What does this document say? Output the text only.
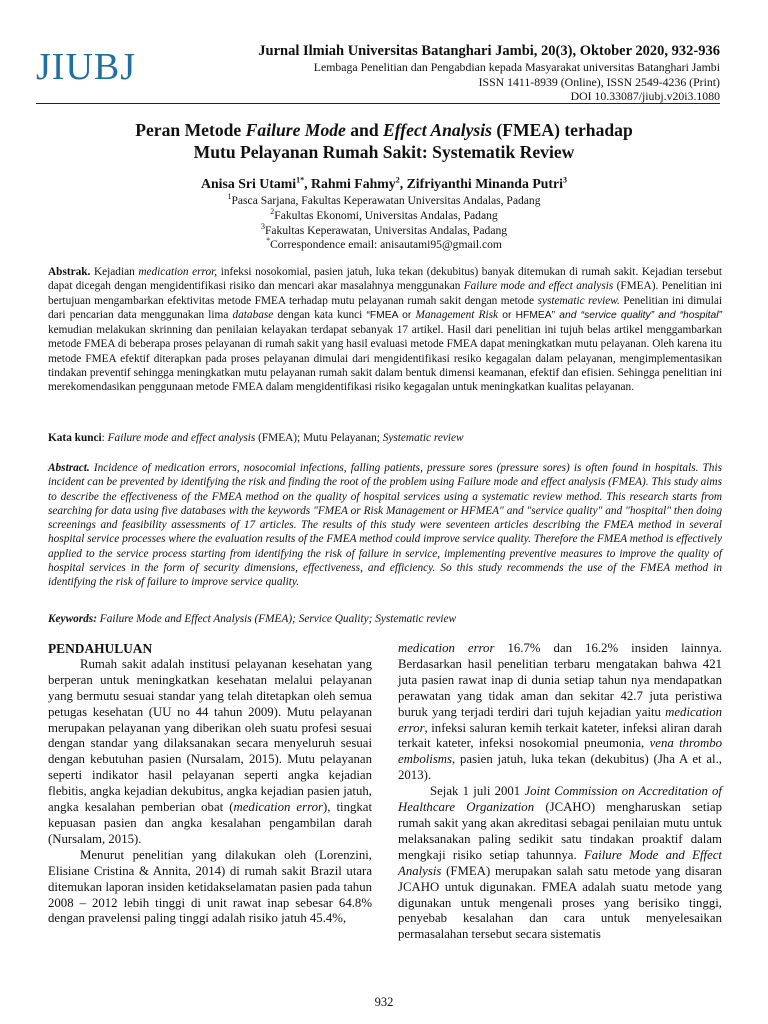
JIUBJ	Jurnal Ilmiah Universitas Batanghari Jambi, 20(3), Oktober 2020, 932-936
Lembaga Penelitian dan Pengabdian kepada Masyarakat universitas Batanghari Jambi
ISSN 1411-8939 (Online), ISSN 2549-4236 (Print)
DOI 10.33087/jiubj.v20i3.1080
Peran Metode Failure Mode and Effect Analysis (FMEA) terhadap
Mutu Pelayanan Rumah Sakit: Systematik Review
Anisa Sri Utami$^{1*}$, Rahmi Fahmy$^2$, Zifriyanthi Minanda Putri$^3$
$^1$Pasca Sarjana, Fakultas Keperawatan Universitas Andalas, Padang
$^2$Fakultas Ekonomi, Universitas Andalas, Padang
$^3$Fakultas Keperawatan, Universitas Andalas, Padang
*Correspondence email: anisautami95@gmail.com
Abstrak. Kejadian medication error, infeksi nosokomial, pasien jatuh, luka tekan (dekubitus) banyak ditemukan di rumah sakit. Kejadian tersebut dapat dicegah dengan mengidentifikasi risiko dan mencari akar masalahnya menggunakan Failure mode and effect analysis (FMEA). Penelitian ini bertujuan mengambarkan efektivitas metode FMEA terhadap mutu pelayanan rumah sakit dengan metode systematic review. Penelitian ini dimulai dari pencarian data menggunakan lima database dengan kata kunci “FMEA or Management Risk or HFMEA” and “service quality” and “hospital” kemudian melakukan skrinning dan penilaian kelayakan terdapat sebanyak 17 artikel. Hasil dari penelitian ini tujuh belas artikel menggambarkan metode FMEA di beberapa proses pelayanan di rumah sakit yang hasil evaluasi metode FMEA dapat meningkatkan mutu pelayanan. Oleh karena itu metode FMEA efektif diterapkan pada proses pelayanan dimulai dari mengidentifikasi resiko kegagalan dalam pelayanan, mengimplementasikan tindakan preventif sehingga meningkatkan mutu pelayanan rumah sakit dalam bentuk dimensi keamanan, efektif dan efisien. Sehingga penelitian ini merekomendasikan penggunaan metode FMEA dalam mengidentifikasi risiko kegagalan untuk meningkatkan kualitas pelayanan.
Kata kunci: Failure mode and effect analysis (FMEA); Mutu Pelayanan; Systematic review
Abstract. Incidence of medication errors, nosocomial infections, falling patients, pressure sores (pressure sores) is often found in hospitals. This incident can be prevented by identifying the risk and finding the root of the problem using Failure mode and effect analysis (FMEA). This study aims to describe the effectiveness of the FMEA method on the quality of hospital services using a systematic review method. This research starts from searching for data using five databases with the keywords "FMEA or Risk Management or HFMEA" and "service quality" and "hospital" then doing screenings and feasibility assessments of 17 articles. The results of this study were seventeen articles describing the FMEA method in several hospital service processes where the evaluation results of the FMEA method could improve service quality. Therefore the FMEA method is effectively applied to the service process starting from identifying the risk of failure in service, implementing preventive measures to improve the quality of hospital services in the form of security dimensions, effectiveness, and efficiency. So this study recommends the use of the FMEA method in identifying the risk of failure to improve service quality.
Keywords: Failure Mode and Effect Analysis (FMEA); Service Quality; Systematic review
PENDAHULUAN

Rumah sakit adalah institusi pelayanan kesehatan yang berperan untuk meningkatkan kesehatan melalui pelayanan yang bermutu sesuai standar yang telah ditetapkan oleh semua petugas kesehatan (UU no 44 tahun 2009). Mutu pelayanan merupakan pelayanan yang diberikan oleh suatu profesi sesuai dengan standar yang dilaksanakan secara menyeluruh sesuai dengan kebutuhan pasien (Nursalam, 2015). Mutu pelayanan seperti indikator hasil pelayanan seperti angka kejadian flebitis, angka kejadian dekubitus, angka kejadian pasien jatuh, angka kesalahan pemberian obat (medication error), tingkat kepuasan pasien dan angka kesalahan pengambilan darah (Nursalam, 2015).

Menurut penelitian yang dilakukan oleh (Lorenzini, Elisiane Cristina & Annita, 2014) di rumah sakit Brazil utara ditemukan laporan insiden ketidakselamatan pasien pada tahun 2008 – 2012 lebih tinggi di unit rawat inap sebesar 64.8% dengan pravelensi paling tinggi adalah risiko jatuh 45.4%,

medication error 16.7% dan 16.2% insiden lainnya. Berdasarkan hasil penelitian terbaru mengatakan bahwa 421 juta pasien rawat inap di dunia setiap tahun nya mendapatkan perawatan yang tidak aman dan sekitar 42.7 juta peristiwa buruk yang terjadi terdiri dari tujuh kejadian yaitu medication error, infeksi saluran kemih terkait kateter, infeksi aliran darah terkait kateter, infeksi nosokomial pneumonia, vena thrombo embolisms, pasien jatuh, luka tekan (dekubitus) (Jha A et al., 2013).

Sejak 1 juli 2001 Joint Commission on Accreditation of Healthcare Organization (JCAHO) mengharuskan setiap rumah sakit yang akan akreditasi sebagai penilaian mutu untuk melaksanakan paling sedikit satu tindakan proaktif dalam mengkaji risiko setiap tahunnya. Failure Mode and Effect Analysis (FMEA) merupakan salah satu metode yang disaran JCAHO untuk digunakan. FMEA adalah suatu metode yang digunakan untuk mengenali proses yang berisiko tinggi, penyebab kesalahan dan cara untuk menyelesaikan permasalahan tersebut secara sistematis

932
